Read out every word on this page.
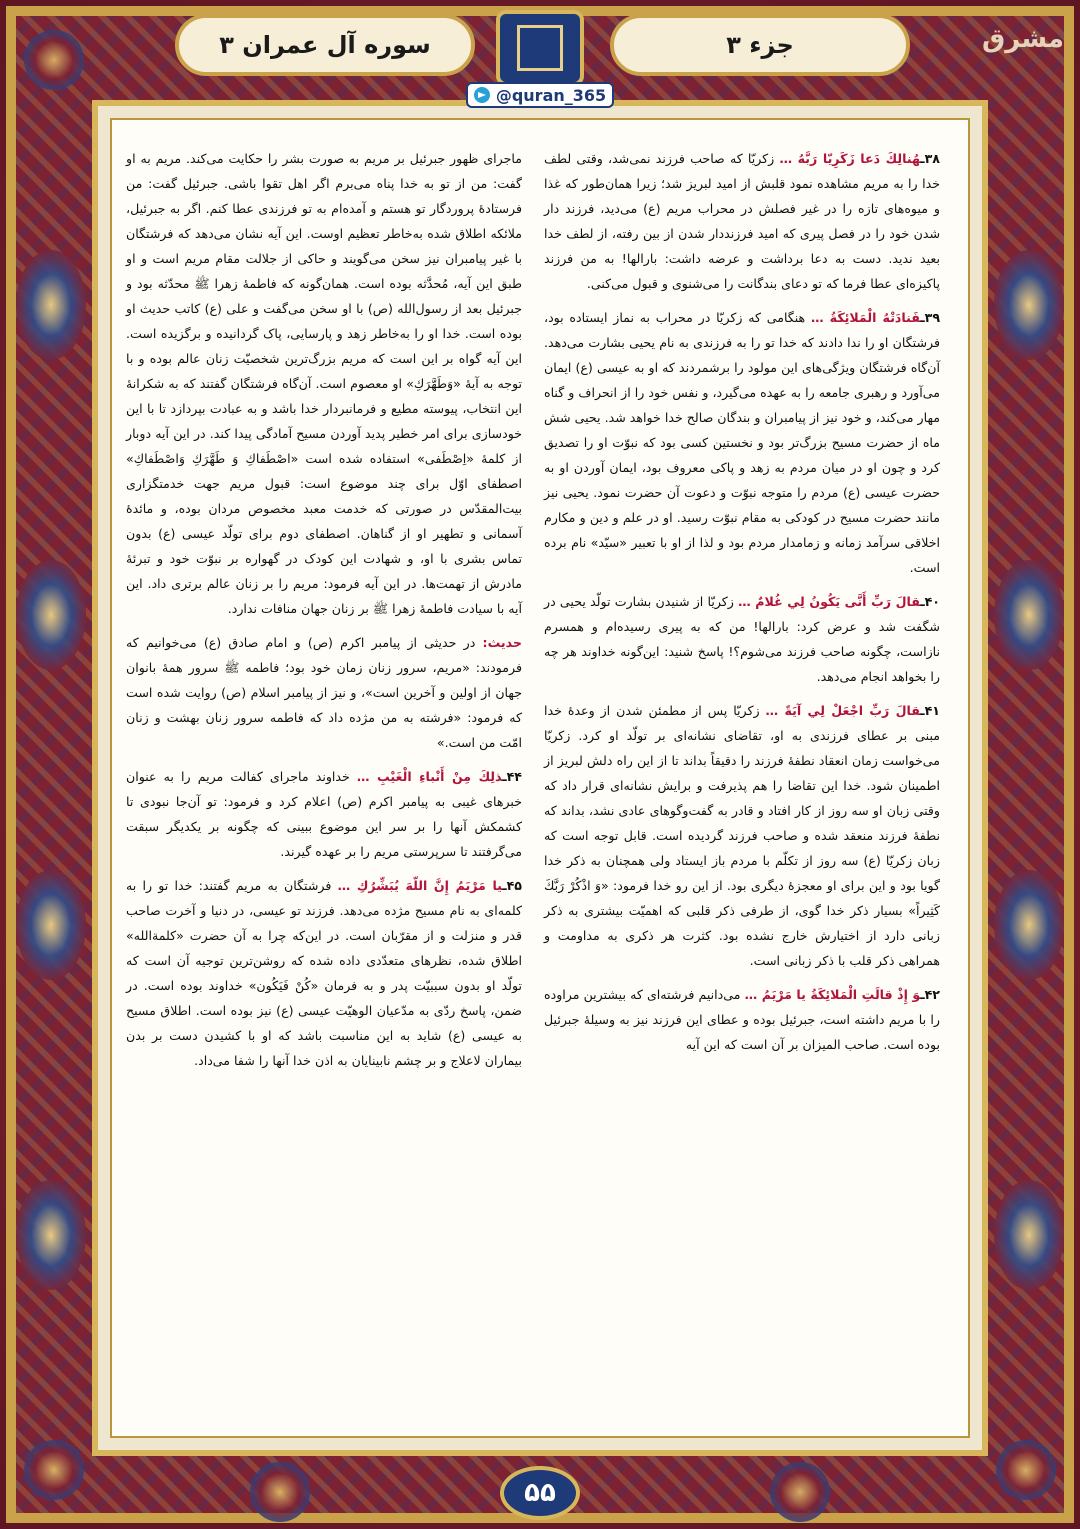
جزء ۳
سوره آل عمران ۳
@quran_365
مشرق

۳۸ـهُنالِكَ دَعا زَكَرِيّا رَبَّهُ … زکریّا که صاحب فرزند نمی‌شد، وقتی لطف خدا را به مریم مشاهده نمود قلبش از امید لبریز شد؛ زیرا همان‌طور که غذا و میوه‌های تازه را در غیر فصلش در محراب مریم (ع) می‌دید، فرزند دار شدن خود را در فصل پیری که امید فرزنددار شدن از بین رفته، از لطف خدا بعید ندید. دست به دعا برداشت و عرضه داشت: بارالها! به من فرزند پاکیزه‌ای عطا فرما که تو دعای بندگانت را می‌شنوی و قبول می‌کنی.

۳۹ـفَنادَتْهُ الْمَلائِكَةُ … هنگامی که زکریّا در محراب به نماز ایستاده بود، فرشتگان او را ندا دادند که خدا تو را به فرزندی به نام یحیی بشارت می‌دهد. آن‌گاه فرشتگان ویژگی‌های این مولود را برشمردند که او به عیسی (ع) ایمان می‌آورد و رهبری جامعه را به عهده می‌گیرد، و نفس خود را از انحراف و گناه مهار می‌کند، و خود نیز از پیامبران و بندگان صالح خدا خواهد شد. یحیی شش ماه از حضرت مسیح بزرگ‌تر بود و نخستین کسی بود که نبوّت او را تصدیق کرد و چون او در میان مردم به زهد و پاکی معروف بود، ایمان آوردن او به حضرت عیسی (ع) مردم را متوجه نبوّت و دعوت آن حضرت نمود. یحیی نیز مانند حضرت مسیح در کودکی به مقام نبوّت رسید. او در علم و دین و مکارم اخلاقی سرآمد زمانه و زمامدار مردم بود و لذا از او با تعبیر «سیّد» نام برده است.

۴۰ـقالَ رَبِّ أَنَّى يَكُونُ لِي غُلامٌ … زکریّا از شنیدن بشارت تولّد یحیی در شگفت شد و عرض کرد: بارالها! من که به پیری رسیده‌ام و همسرم نازاست، چگونه صاحب فرزند می‌شوم؟! پاسخ شنید: این‌گونه خداوند هر چه را بخواهد انجام می‌دهد.

۴۱ـقالَ رَبِّ اجْعَلْ لِي آيَةً … زکریّا پس از مطمئن شدن از وعدهٔ خدا مبنی بر عطای فرزندی به او، تقاضای نشانه‌ای بر تولّد او کرد. زکریّا می‌خواست زمان انعقاد نطفهٔ فرزند را دقیقاً بداند تا از این راه دلش لبریز از اطمینان شود. خدا این تقاضا را هم پذیرفت و برایش نشانه‌ای قرار داد که وقتی زبان او سه روز از کار افتاد و قادر به گفت‌وگوهای عادی نشد، بداند که نطفهٔ فرزند منعقد شده و صاحب فرزند گردیده است. قابل توجه است که زبان زکریّا (ع) سه روز از تکلّم با مردم باز ایستاد ولی همچنان به ذکر خدا گویا بود و این برای او معجزهٔ دیگری بود. از این رو خدا فرمود: «وَ اذْكُرْ رَبَّكَ كَثِيراً» بسیار ذکر خدا گوی، از طرفی ذکر قلبی که اهمیّت بیشتری به ذکر زبانی دارد از اختیارش خارج نشده بود. کثرت هر ذکری به مداومت و همراهی ذکر قلب با ذکر زبانی است.

۴۲ـوَ إِذْ قالَتِ الْمَلائِكَةُ يا مَرْيَمُ … می‌دانیم فرشته‌ای که بیشترین مراوده را با مریم داشته است، جبرئیل بوده و عطای این فرزند نیز به وسیلهٔ جبرئیل بوده است. صاحب المیزان بر آن است که این آیه

ماجرای ظهور جبرئیل بر مریم به صورت بشر را حکایت می‌کند. مریم به او گفت: من از تو به خدا پناه می‌برم اگر اهل تقوا باشی. جبرئیل گفت: من فرستادهٔ پروردگار تو هستم و آمده‌ام به تو فرزندی عطا کنم. اگر به جبرئیل، ملائکه اطلاق شده به‌خاطر تعظیم اوست. این آیه نشان می‌دهد که فرشتگان با غیر پیامبران نیز سخن می‌گویند و حاکی از جلالت مقام مریم است و او طبق این آیه، مُحدَّثه بوده است. همان‌گونه که فاطمهٔ زهرا ﷺ محدّثه بود و جبرئیل بعد از رسول‌الله (ص) با او سخن می‌گفت و علی (ع) کاتب حدیث او بوده است. خدا او را به‌خاطر زهد و پارسایی، پاک گردانیده و برگزیده است. این آیه گواه بر این است که مریم بزرگ‌ترین شخصیّت زنان عالم بوده و با توجه به آیهٔ «وَطَهَّرَكِ» او معصوم است. آن‌گاه فرشتگان گفتند که به شکرانهٔ این انتخاب، پیوسته مطیع و فرمانبردار خدا باشد و به عبادت بپردازد تا با این خودسازی برای امر خطیر پدید آوردن مسیح آمادگی پیدا کند. در این آیه دوبار از کلمهٔ «اِصْطَفى» استفاده شده است «اصْطَفاكِ وَ طَهَّرَكِ وَاصْطَفاكِ» اصطفای اوّل برای چند موضوع است: قبول مریم جهت خدمتگزاری بیت‌المقدّس در صورتی که خدمت معبد مخصوص مردان بوده، و مائدهٔ آسمانی و تطهیر او از گناهان. اصطفای دوم برای تولّد عیسی (ع) بدون تماس بشری با او، و شهادت این کودک در گهواره بر نبوّت خود و تبرئهٔ مادرش از تهمت‌ها. در این آیه فرمود: مریم را بر زنان عالم برتری داد. این آیه با سیادت فاطمهٔ زهرا ﷺ بر زنان جهان منافات ندارد.

حدیث: در حدیثی از پیامبر اکرم (ص) و امام صادق (ع) می‌خوانیم که فرمودند: «مریم، سرور زنان زمان خود بود؛ فاطمه ﷺ سرور همهٔ بانوان جهان از اولین و آخرین است»، و نیز از پیامبر اسلام (ص) روایت شده است که فرمود: «فرشته به من مژده داد که فاطمه سرور زنان بهشت و زنان امّت من است.»

۴۴ـذلِكَ مِنْ أَنْباءِ الْغَيْبِ … خداوند ماجرای کفالت مریم را به عنوان خبرهای غیبی به پیامبر اکرم (ص) اعلام کرد و فرمود: تو آن‌جا نبودی تا کشمکش آنها را بر سر این موضوع ببینی که چگونه بر یکدیگر سبقت می‌گرفتند تا سرپرستی مریم را بر عهده گیرند.

۴۵ـيا مَرْيَمُ إِنَّ اللّهَ يُبَشِّرُكِ … فرشتگان به مریم گفتند: خدا تو را به کلمه‌ای به نام مسیح مژده می‌دهد. فرزند تو عیسی، در دنیا و آخرت صاحب قدر و منزلت و از مقرّبان است. در این‌که چرا به آن حضرت «کلمةالله» اطلاق شده، نظرهای متعدّدی داده شده که روشن‌ترین توجیه آن است که تولّد او بدون سببیّت پدر و به فرمان «کُنْ فَیَکُون» خداوند بوده است. در ضمن، پاسخ ردّی به مدّعیان الوهیّت عیسی (ع) نیز بوده است. اطلاق مسیح به عیسی (ع) شاید به این مناسبت باشد که او با کشیدن دست بر بدن بیماران لاعلاج و بر چشم نابینایان به اذن خدا آنها را شفا می‌داد.

۵۵
